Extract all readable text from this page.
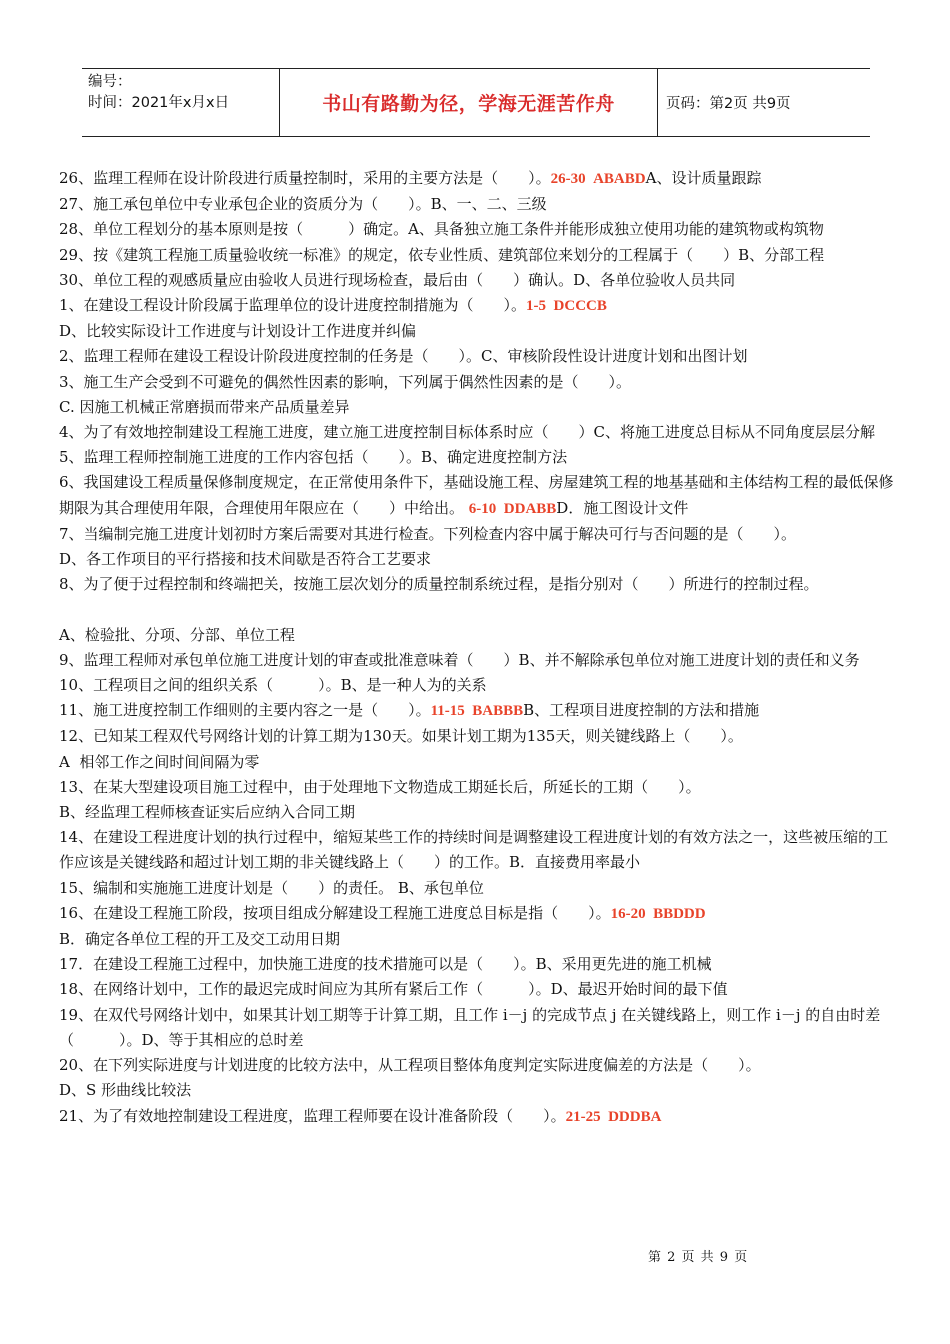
编号：
时间：2021年x月x日	书山有路勤为径，学海无涯苦作舟	页码：第2页 共9页
26、监理工程师在设计阶段进行质量控制时，采用的主要方法是（　　）。26-30  ABABDA、设计质量跟踪
27、施工承包单位中专业承包企业的资质分为（　　）。B、一、二、三级
28、单位工程划分的基本原则是按（　　　）确定。A、具备独立施工条件并能形成独立使用功能的建筑物或构筑物
29、按《建筑工程施工质量验收统一标准》的规定，依专业性质、建筑部位来划分的工程属于（　　）B、分部工程
30、单位工程的观感质量应由验收人员进行现场检查，最后由（　　）确认。D、各单位验收人员共同
1、在建设工程设计阶段属于监理单位的设计进度控制措施为（　　）。1-5  DCCCB
D、比较实际设计工作进度与计划设计工作进度并纠偏
2、监理工程师在建设工程设计阶段进度控制的任务是（　　）。C、审核阶段性设计进度计划和出图计划
3、施工生产会受到不可避免的偶然性因素的影响，下列属于偶然性因素的是（　　）。
C. 因施工机械正常磨损而带来产品质量差异
4、为了有效地控制建设工程施工进度，建立施工进度控制目标体系时应（　　）C、将施工进度总目标从不同角度层层分解
5、监理工程师控制施工进度的工作内容包括（　　）。B、确定进度控制方法
6、我国建设工程质量保修制度规定，在正常使用条件下，基础设施工程、房屋建筑工程的地基基础和主体结构工程的最低保修期限为其合理使用年限，合理使用年限应在（　　）中给出。 6-10  DDABBD．施工图设计文件
7、当编制完施工进度计划初时方案后需要对其进行检查。下列检查内容中属于解决可行与否问题的是（　　）。
D、各工作项目的平行搭接和技术间歇是否符合工艺要求
8、为了便于过程控制和终端把关，按施工层次划分的质量控制系统过程，是指分别对（　　）所进行的控制过程。
A、检验批、分项、分部、单位工程
9、监理工程师对承包单位施工进度计划的审查或批准意味着（　　）B、并不解除承包单位对施工进度计划的责任和义务
10、工程项目之间的组织关系（　　　）。B、是一种人为的关系
11、施工进度控制工作细则的主要内容之一是（　　）。11-15  BABBBB、工程项目进度控制的方法和措施
12、已知某工程双代号网络计划的计算工期为130天。如果计划工期为135天，则关键线路上（　　）。
A  相邻工作之间时间间隔为零
13、在某大型建设项目施工过程中，由于处理地下文物造成工期延长后，所延长的工期（　　）。
B、经监理工程师核查证实后应纳入合同工期
14、在建设工程进度计划的执行过程中，缩短某些工作的持续时间是调整建设工程进度计划的有效方法之一，这些被压缩的工作应该是关键线路和超过计划工期的非关键线路上（　　）的工作。B．直接费用率最小
15、编制和实施施工进度计划是（　　）的责任。 B、承包单位
16、在建设工程施工阶段，按项目组成分解建设工程施工进度总目标是指（　　）。16-20  BBDDD
B．确定各单位工程的开工及交工动用日期
17．在建设工程施工过程中，加快施工进度的技术措施可以是（　　）。B、采用更先进的施工机械
18、在网络计划中，工作的最迟完成时间应为其所有紧后工作（　　　）。D、最迟开始时间的最下值
19、在双代号网络计划中，如果其计划工期等于计算工期，且工作 i－j 的完成节点 j 在关键线路上，则工作 i－j 的自由时差（　　　）。D、等于其相应的总时差
20、在下列实际进度与计划进度的比较方法中，从工程项目整体角度判定实际进度偏差的方法是（　　）。
D、S 形曲线比较法
21、为了有效地控制建设工程进度，监理工程师要在设计准备阶段（　　）。21-25  DDDBA
第 2 页 共 9 页
